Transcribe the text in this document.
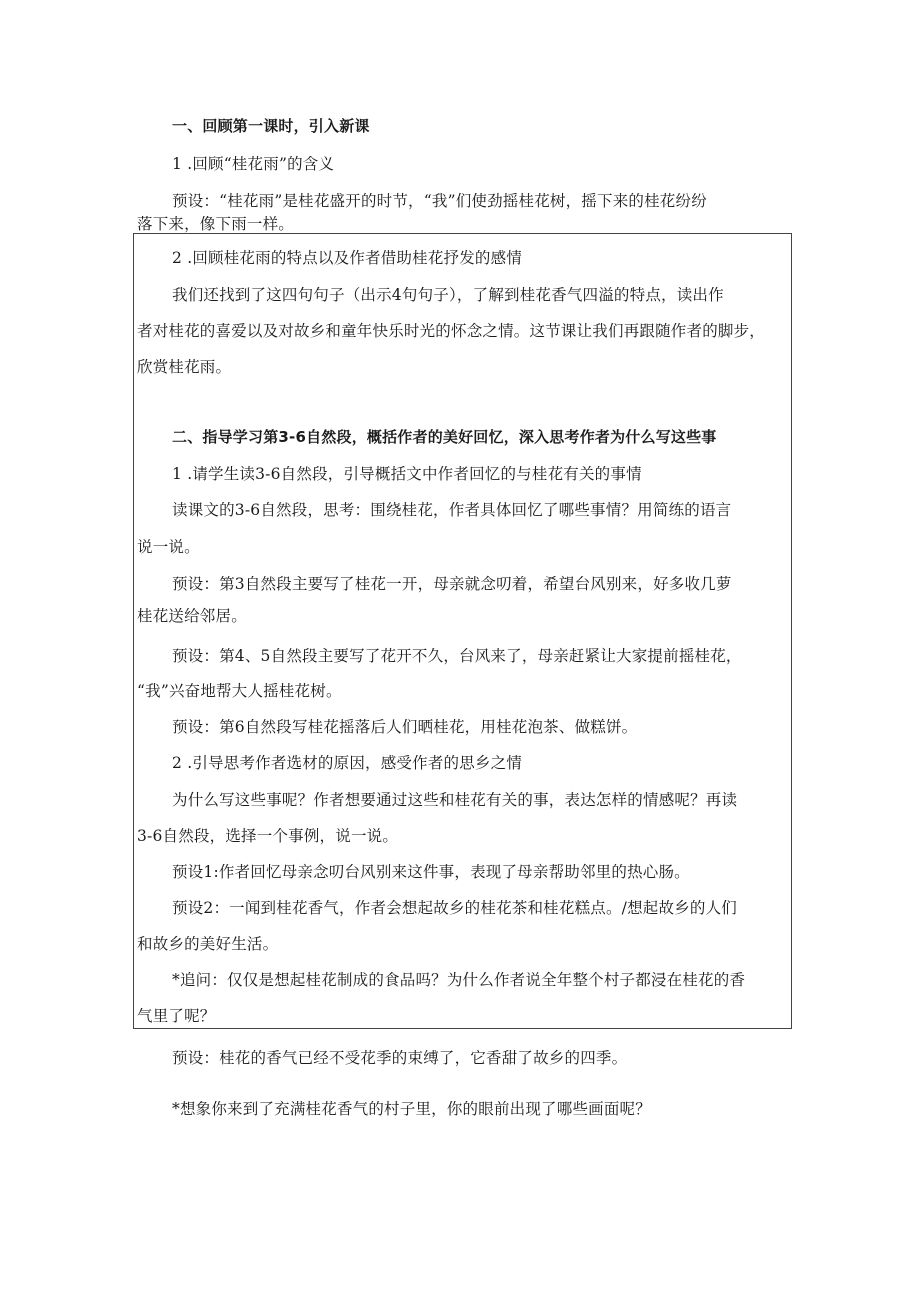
一、回顾第一课时，引入新课
1 .回顾“桂花雨”的含义
预设：“桂花雨”是桂花盛开的时节，“我”们使劲摇桂花树，摇下来的桂花纷纷
落下来，像下雨一样。
2 .回顾桂花雨的特点以及作者借助桂花抒发的感情
我们还找到了这四句句子（出示4句句子），了解到桂花香气四溢的特点，读出作
者对桂花的喜爱以及对故乡和童年快乐时光的怀念之情。这节课让我们再跟随作者的脚步，
欣赏桂花雨。
二、指导学习第3-6自然段，概括作者的美好回忆，深入思考作者为什么写这些事
1 .请学生读3-6自然段，引导概括文中作者回忆的与桂花有关的事情
读课文的3-6自然段，思考：围绕桂花，作者具体回忆了哪些事情？用简练的语言
说一说。
预设：第3自然段主要写了桂花一开，母亲就念叨着，希望台风别来，好多收几萝
桂花送给邻居。
预设：第4、5自然段主要写了花开不久，台风来了，母亲赶紧让大家提前摇桂花，
“我”兴奋地帮大人摇桂花树。
预设：第6自然段写桂花摇落后人们晒桂花，用桂花泡茶、做糕饼。
2 .引导思考作者选材的原因，感受作者的思乡之情
为什么写这些事呢？作者想要通过这些和桂花有关的事，表达怎样的情感呢？再读
3-6自然段，选择一个事例，说一说。
预设1:作者回忆母亲念叨台风别来这件事，表现了母亲帮助邻里的热心肠。
预设2：一闻到桂花香气，作者会想起故乡的桂花茶和桂花糕点。/想起故乡的人们
和故乡的美好生活。
*追问：仅仅是想起桂花制成的食品吗？为什么作者说全年整个村子都浸在桂花的香
气里了呢？
预设：桂花的香气已经不受花季的束缚了，它香甜了故乡的四季。
*想象你来到了充满桂花香气的村子里，你的眼前出现了哪些画面呢？
